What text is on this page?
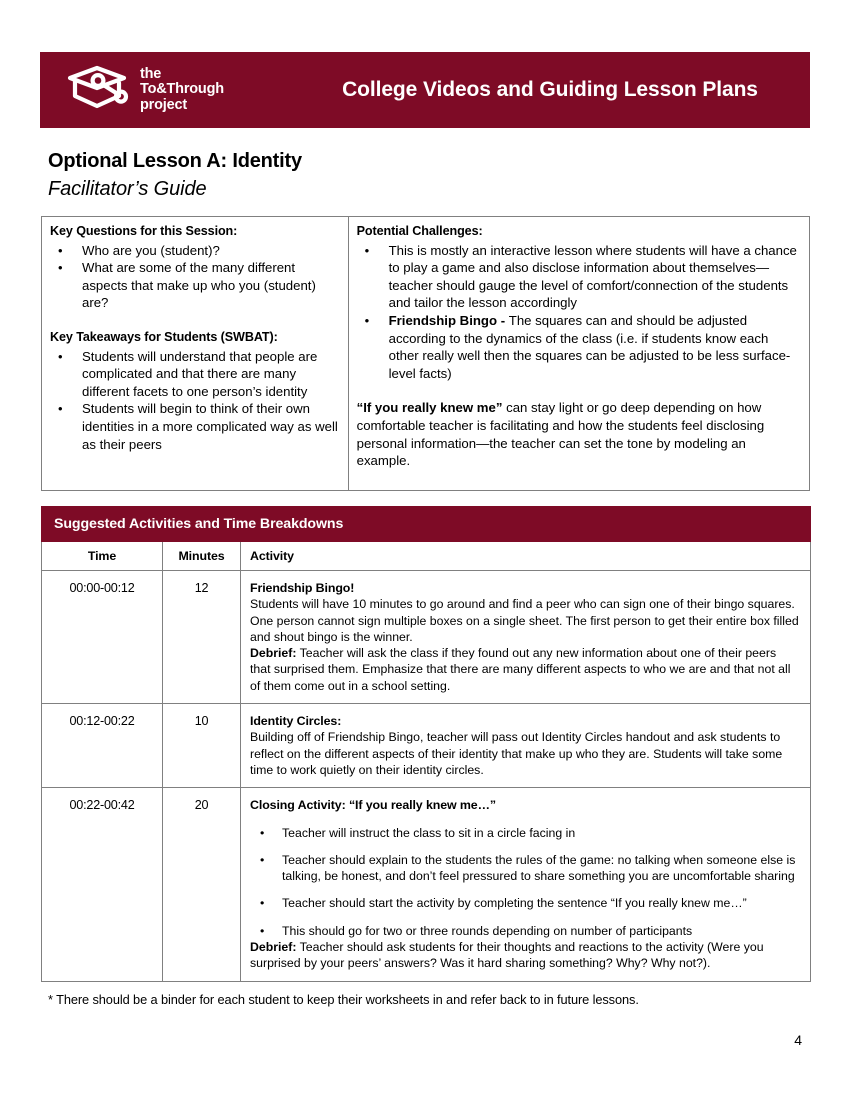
the
To&Through
project
College Videos and Guiding Lesson Plans
Optional Lesson A: Identity
Facilitator’s Guide
Key Questions for this Session:
• Who are you (student)?
• What are some of the many different aspects that make up who you (student) are?
Key Takeaways for Students (SWBAT):
• Students will understand that people are complicated and that there are many different facets to one person’s identity
• Students will begin to think of their own identities in a more complicated way as well as their peers
Potential Challenges:
• This is mostly an interactive lesson where students will have a chance to play a game and also disclose information about themselves—teacher should gauge the level of comfort/connection of the students and tailor the lesson accordingly
• Friendship Bingo - The squares can and should be adjusted according to the dynamics of the class (i.e. if students know each other really well then the squares can be adjusted to be less surface-level facts)
“If you really knew me” can stay light or go deep depending on how comfortable teacher is facilitating and how the students feel disclosing personal information—the teacher can set the tone by modeling an example.
Suggested Activities and Time Breakdowns		
Time	Minutes	Activity
00:00-00:12	12	Friendship Bingo!
Students will have 10 minutes to go around and find a peer who can sign one of their bingo squares. One person cannot sign multiple boxes on a single sheet. The first person to get their entire box filled and shout bingo is the winner.
Debrief: Teacher will ask the class if they found out any new information about one of their peers that surprised them. Emphasize that there are many different aspects to who we are and that not all of them come out in a school setting.
00:12-00:22	10	Identity Circles:
Building off of Friendship Bingo, teacher will pass out Identity Circles handout and ask students to reflect on the different aspects of their identity that make up who they are. Students will take some time to work quietly on their identity circles.
00:22-00:42	20	Closing Activity: “If you really knew me…”
• Teacher will instruct the class to sit in a circle facing in
• Teacher should explain to the students the rules of the game: no talking when someone else is talking, be honest, and don’t feel pressured to share something you are uncomfortable sharing
• Teacher should start the activity by completing the sentence “If you really knew me…”
• This should go for two or three rounds depending on number of participants
Debrief: Teacher should ask students for their thoughts and reactions to the activity (Were you surprised by your peers’ answers? Was it hard sharing something? Why? Why not?).
* There should be a binder for each student to keep their worksheets in and refer back to in future lessons.
4
